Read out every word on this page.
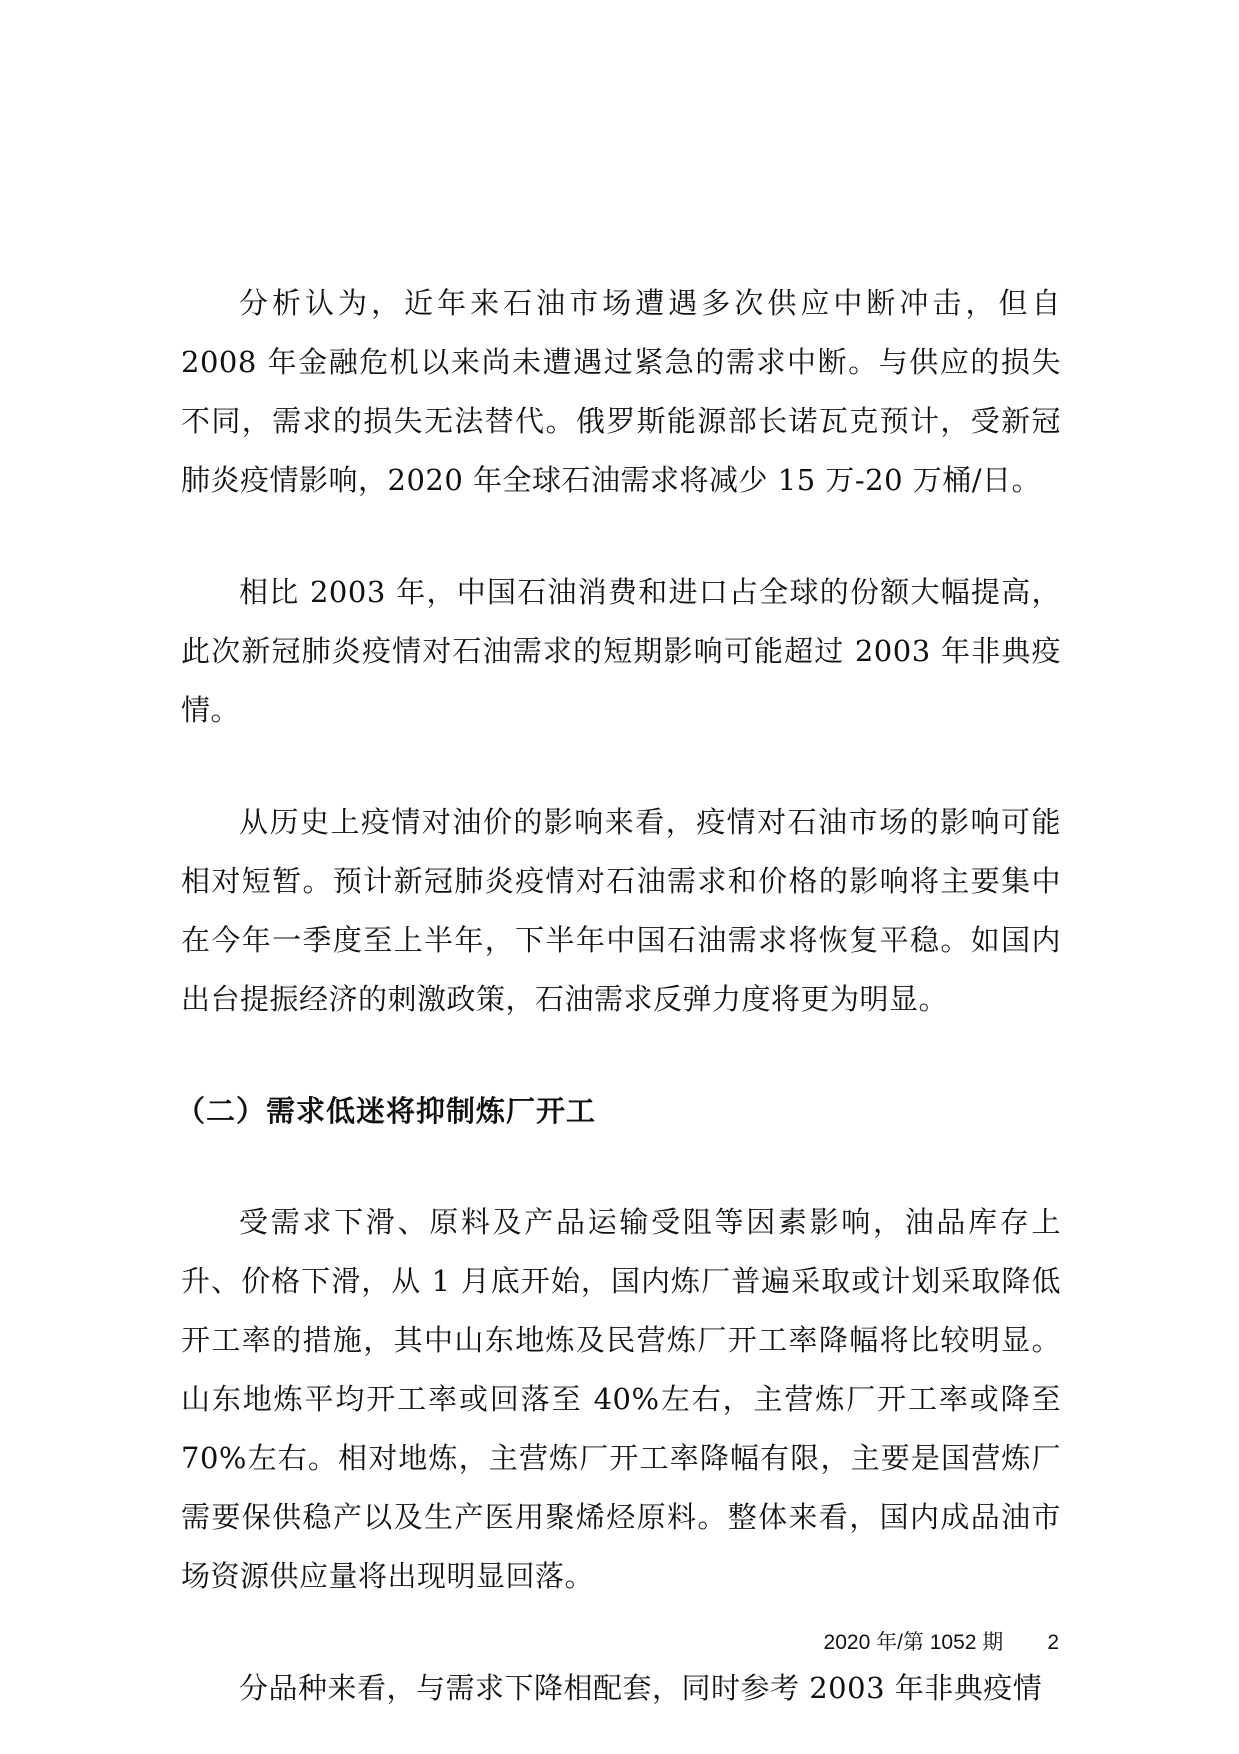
分析认为，近年来石油市场遭遇多次供应中断冲击，但自 2008 年金融危机以来尚未遭遇过紧急的需求中断。与供应的损失不同，需求的损失无法替代。俄罗斯能源部长诺瓦克预计，受新冠肺炎疫情影响，2020 年全球石油需求将减少 15 万-20 万桶/日。

相比 2003 年，中国石油消费和进口占全球的份额大幅提高，此次新冠肺炎疫情对石油需求的短期影响可能超过 2003 年非典疫情。

从历史上疫情对油价的影响来看，疫情对石油市场的影响可能相对短暂。预计新冠肺炎疫情对石油需求和价格的影响将主要集中在今年一季度至上半年，下半年中国石油需求将恢复平稳。如国内出台提振经济的刺激政策，石油需求反弹力度将更为明显。

（二）需求低迷将抑制炼厂开工

受需求下滑、原料及产品运输受阻等因素影响，油品库存上升、价格下滑，从 1 月底开始，国内炼厂普遍采取或计划采取降低开工率的措施，其中山东地炼及民营炼厂开工率降幅将比较明显。山东地炼平均开工率或回落至 40%左右，主营炼厂开工率或降至 70%左右。相对地炼，主营炼厂开工率降幅有限，主要是国营炼厂需要保供稳产以及生产医用聚烯烃原料。整体来看，国内成品油市场资源供应量将出现明显回落。

分品种来看，与需求下降相配套，同时参考 2003 年非典疫情

2020 年/第 1052 期 2
